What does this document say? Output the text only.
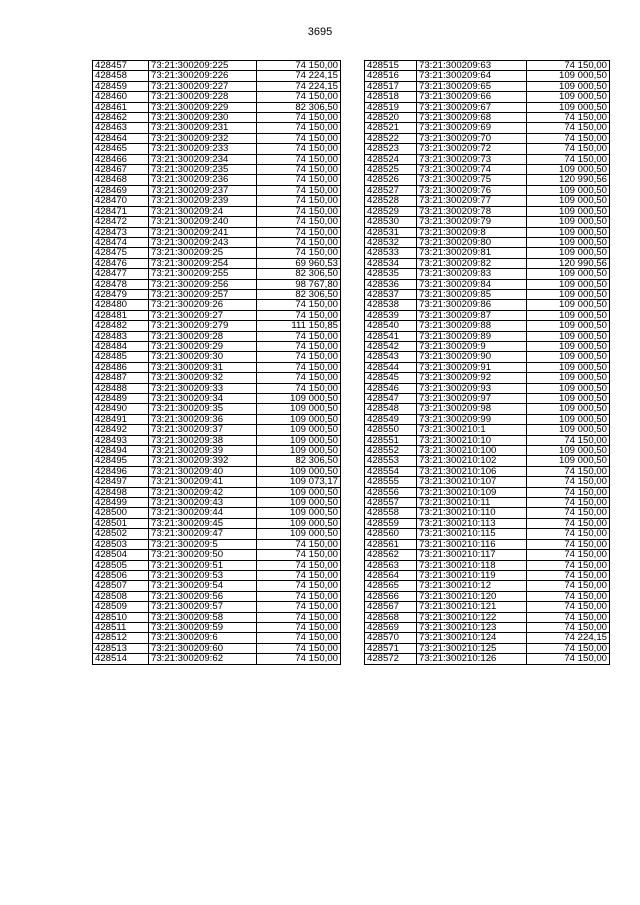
3695
428457	73:21:300209:225	74 150,00
428458	73:21:300209:226	74 224,15
428459	73:21:300209:227	74 224,15
428460	73:21:300209:228	74 150,00
428461	73:21:300209:229	82 306,50
428462	73:21:300209:230	74 150,00
428463	73:21:300209:231	74 150,00
428464	73:21:300209:232	74 150,00
428465	73:21:300209:233	74 150,00
428466	73:21:300209:234	74 150,00
428467	73:21:300209:235	74 150,00
428468	73:21:300209:236	74 150,00
428469	73:21:300209:237	74 150,00
428470	73:21:300209:239	74 150,00
428471	73:21:300209:24	74 150,00
428472	73:21:300209:240	74 150,00
428473	73:21:300209:241	74 150,00
428474	73:21:300209:243	74 150,00
428475	73:21:300209:25	74 150,00
428476	73:21:300209:254	69 960,53
428477	73:21:300209:255	82 306,50
428478	73:21:300209:256	98 767,80
428479	73:21:300209:257	82 306,50
428480	73:21:300209:26	74 150,00
428481	73:21:300209:27	74 150,00
428482	73:21:300209:279	111 150,85
428483	73:21:300209:28	74 150,00
428484	73:21:300209:29	74 150,00
428485	73:21:300209:30	74 150,00
428486	73:21:300209:31	74 150,00
428487	73:21:300209:32	74 150,00
428488	73:21:300209:33	74 150,00
428489	73:21:300209:34	109 000,50
428490	73:21:300209:35	109 000,50
428491	73:21:300209:36	109 000,50
428492	73:21:300209:37	109 000,50
428493	73:21:300209:38	109 000,50
428494	73:21:300209:39	109 000,50
428495	73:21:300209:392	82 306,50
428496	73:21:300209:40	109 000,50
428497	73:21:300209:41	109 073,17
428498	73:21:300209:42	109 000,50
428499	73:21:300209:43	109 000,50
428500	73:21:300209:44	109 000,50
428501	73:21:300209:45	109 000,50
428502	73:21:300209:47	109 000,50
428503	73:21:300209:5	74 150,00
428504	73:21:300209:50	74 150,00
428505	73:21:300209:51	74 150,00
428506	73:21:300209:53	74 150,00
428507	73:21:300209:54	74 150,00
428508	73:21:300209:56	74 150,00
428509	73:21:300209:57	74 150,00
428510	73:21:300209:58	74 150,00
428511	73:21:300209:59	74 150,00
428512	73:21:300209:6	74 150,00
428513	73:21:300209:60	74 150,00
428514	73:21:300209:62	74 150,00
428515	73:21:300209:63	74 150,00
428516	73:21:300209:64	109 000,50
428517	73:21:300209:65	109 000,50
428518	73:21:300209:66	109 000,50
428519	73:21:300209:67	109 000,50
428520	73:21:300209:68	74 150,00
428521	73:21:300209:69	74 150,00
428522	73:21:300209:70	74 150,00
428523	73:21:300209:72	74 150,00
428524	73:21:300209:73	74 150,00
428525	73:21:300209:74	109 000,50
428526	73:21:300209:75	120 990,56
428527	73:21:300209:76	109 000,50
428528	73:21:300209:77	109 000,50
428529	73:21:300209:78	109 000,50
428530	73:21:300209:79	109 000,50
428531	73:21:300209:8	109 000,50
428532	73:21:300209:80	109 000,50
428533	73:21:300209:81	109 000,50
428534	73:21:300209:82	120 990,56
428535	73:21:300209:83	109 000,50
428536	73:21:300209:84	109 000,50
428537	73:21:300209:85	109 000,50
428538	73:21:300209:86	109 000,50
428539	73:21:300209:87	109 000,50
428540	73:21:300209:88	109 000,50
428541	73:21:300209:89	109 000,50
428542	73:21:300209:9	109 000,50
428543	73:21:300209:90	109 000,50
428544	73:21:300209:91	109 000,50
428545	73:21:300209:92	109 000,50
428546	73:21:300209:93	109 000,50
428547	73:21:300209:97	109 000,50
428548	73:21:300209:98	109 000,50
428549	73:21:300209:99	109 000,50
428550	73:21:300210:1	109 000,50
428551	73:21:300210:10	74 150,00
428552	73:21:300210:100	109 000,50
428553	73:21:300210:102	109 000,50
428554	73:21:300210:106	74 150,00
428555	73:21:300210:107	74 150,00
428556	73:21:300210:109	74 150,00
428557	73:21:300210:11	74 150,00
428558	73:21:300210:110	74 150,00
428559	73:21:300210:113	74 150,00
428560	73:21:300210:115	74 150,00
428561	73:21:300210:116	74 150,00
428562	73:21:300210:117	74 150,00
428563	73:21:300210:118	74 150,00
428564	73:21:300210:119	74 150,00
428565	73:21:300210:12	74 150,00
428566	73:21:300210:120	74 150,00
428567	73:21:300210:121	74 150,00
428568	73:21:300210:122	74 150,00
428569	73:21:300210:123	74 150,00
428570	73:21:300210:124	74 224,15
428571	73:21:300210:125	74 150,00
428572	73:21:300210:126	74 150,00
